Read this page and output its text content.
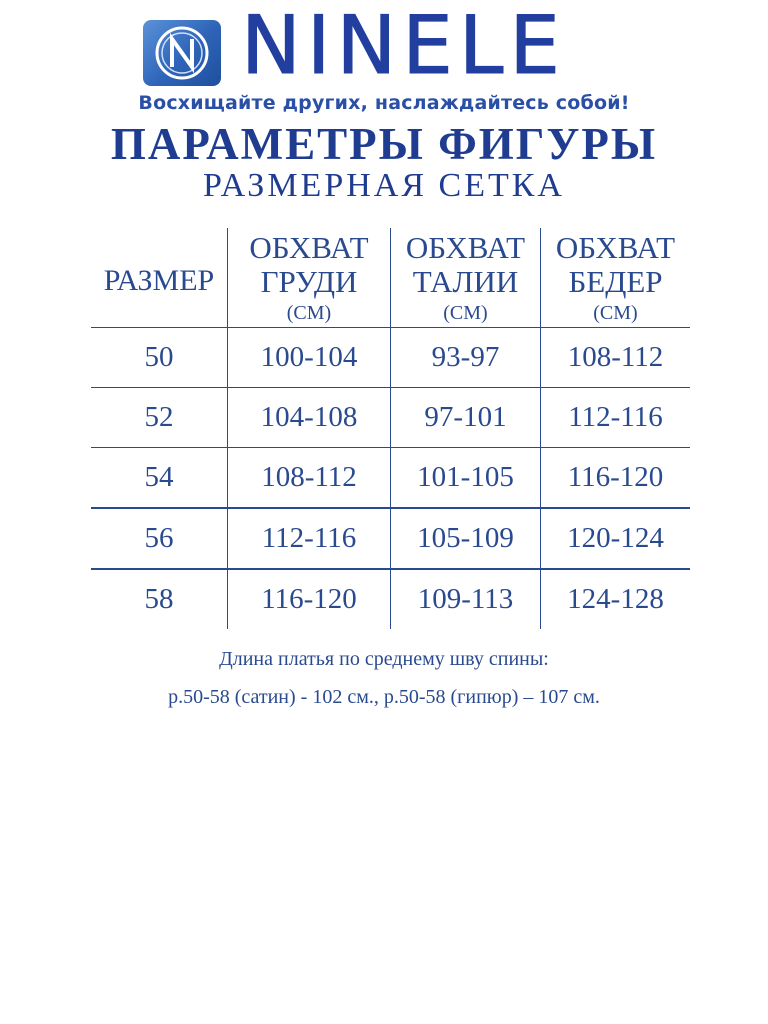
NINELE
Восхищайте других, наслаждайтесь собой!
ПАРАМЕТРЫ ФИГУРЫ
РАЗМЕРНАЯ СЕТКА
РАЗМЕР
ОБХВАТ
ГРУДИ
(СМ)
ОБХВАТ
ТАЛИИ
(СМ)
ОБХВАТ
БЕДЕР
(СМ)
50	100-104	93-97 108-112
52	104-108 97-101 112-116
54	108-112 101-105 116-120
56	112-116 105-109 120-124
58	116-120 109-113 124-128
Длина платья по среднему шву спины:
р.50-58 (сатин) - 102 см., р.50-58 (гипюр) – 107 см.
